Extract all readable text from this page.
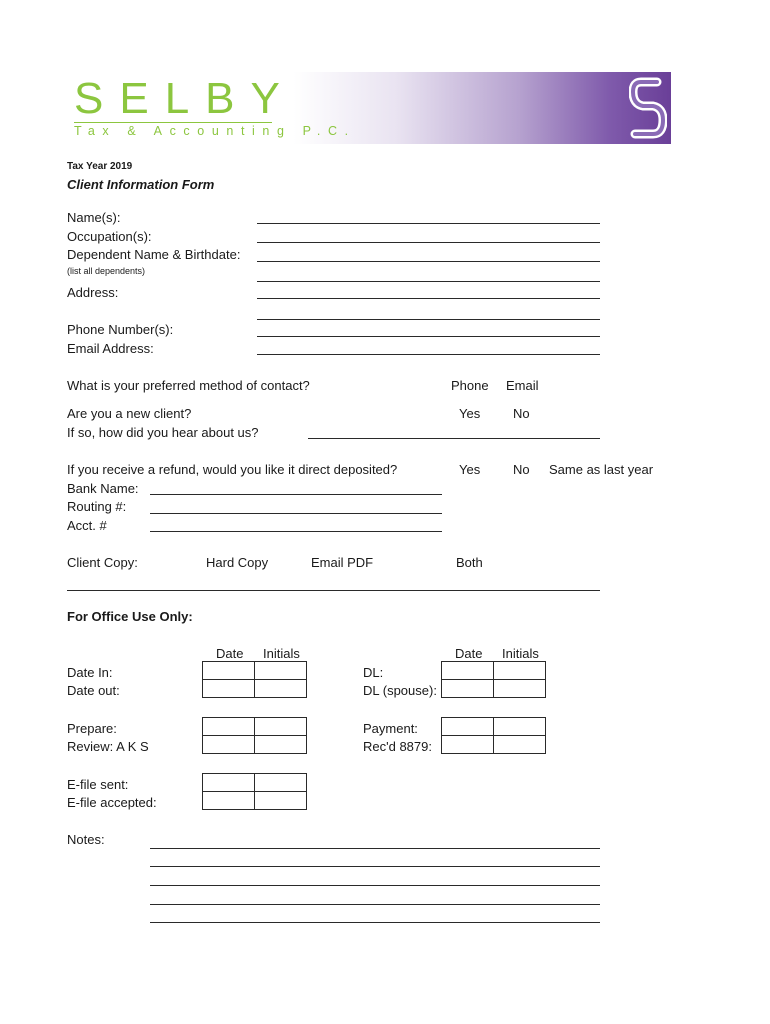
SELBY
Tax & Accounting P.C.
Tax Year 2019
Client Information Form
Name(s):
Occupation(s):
Dependent Name & Birthdate:
(list all dependents)
Address:
Phone Number(s):
Email Address:
What is your preferred method of contact?	Phone Email
Are you a new client?	Yes	No
If so, how did you hear about us?
If you receive a refund, would you like it direct deposited?	Yes	No Same as last year
Bank Name:
Routing #:
Acct. #
Client Copy:	Hard Copy	Email PDF	Both
For Office Use Only:
Date Initials	Date Initials
Date In:
Date out:

DL:
DL (spouse):

Prepare:
Review: A K S

Payment:
Rec'd 8879:

E-file sent:
E-file accepted:

Notes:
